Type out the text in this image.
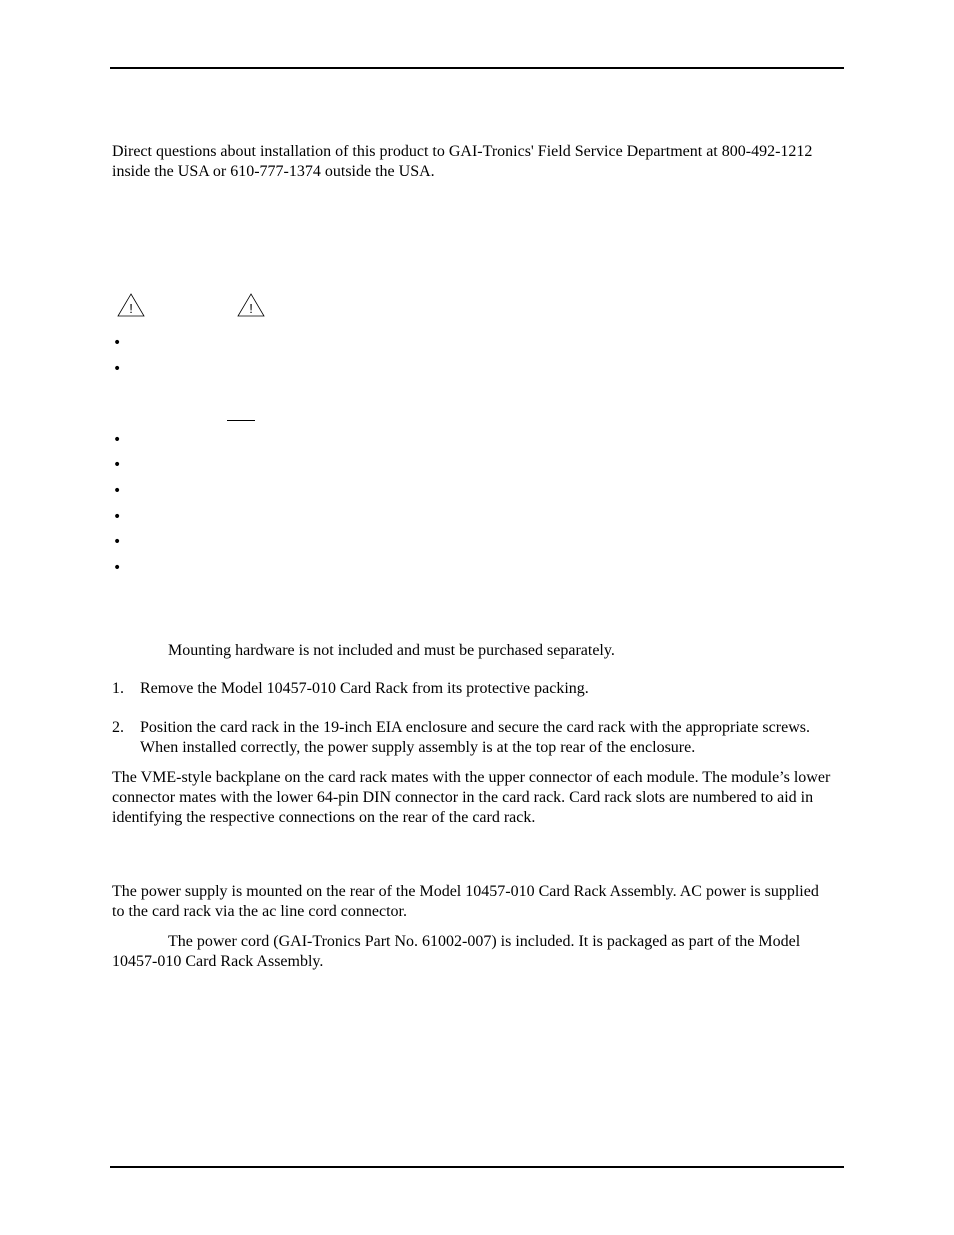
Direct questions about installation of this product to GAI-Tronics' Field Service Department at 800-492-1212 inside the USA or 610-777-1374 outside the USA.

!	!
•
•
•
•
•
•
•
•

Mounting hardware is not included and must be purchased separately.

1. Remove the Model 10457-010 Card Rack from its protective packing.

2. Position the card rack in the 19-inch EIA enclosure and secure the card rack with the appropriate screws. When installed correctly, the power supply assembly is at the top rear of the enclosure.

The VME-style backplane on the card rack mates with the upper connector of each module. The module’s lower connector mates with the lower 64-pin DIN connector in the card rack. Card rack slots are numbered to aid in identifying the respective connections on the rear of the card rack.

The power supply is mounted on the rear of the Model 10457-010 Card Rack Assembly. AC power is supplied to the card rack via the ac line cord connector.

The power cord (GAI-Tronics Part No. 61002-007) is included. It is packaged as part of the Model 10457-010 Card Rack Assembly.
